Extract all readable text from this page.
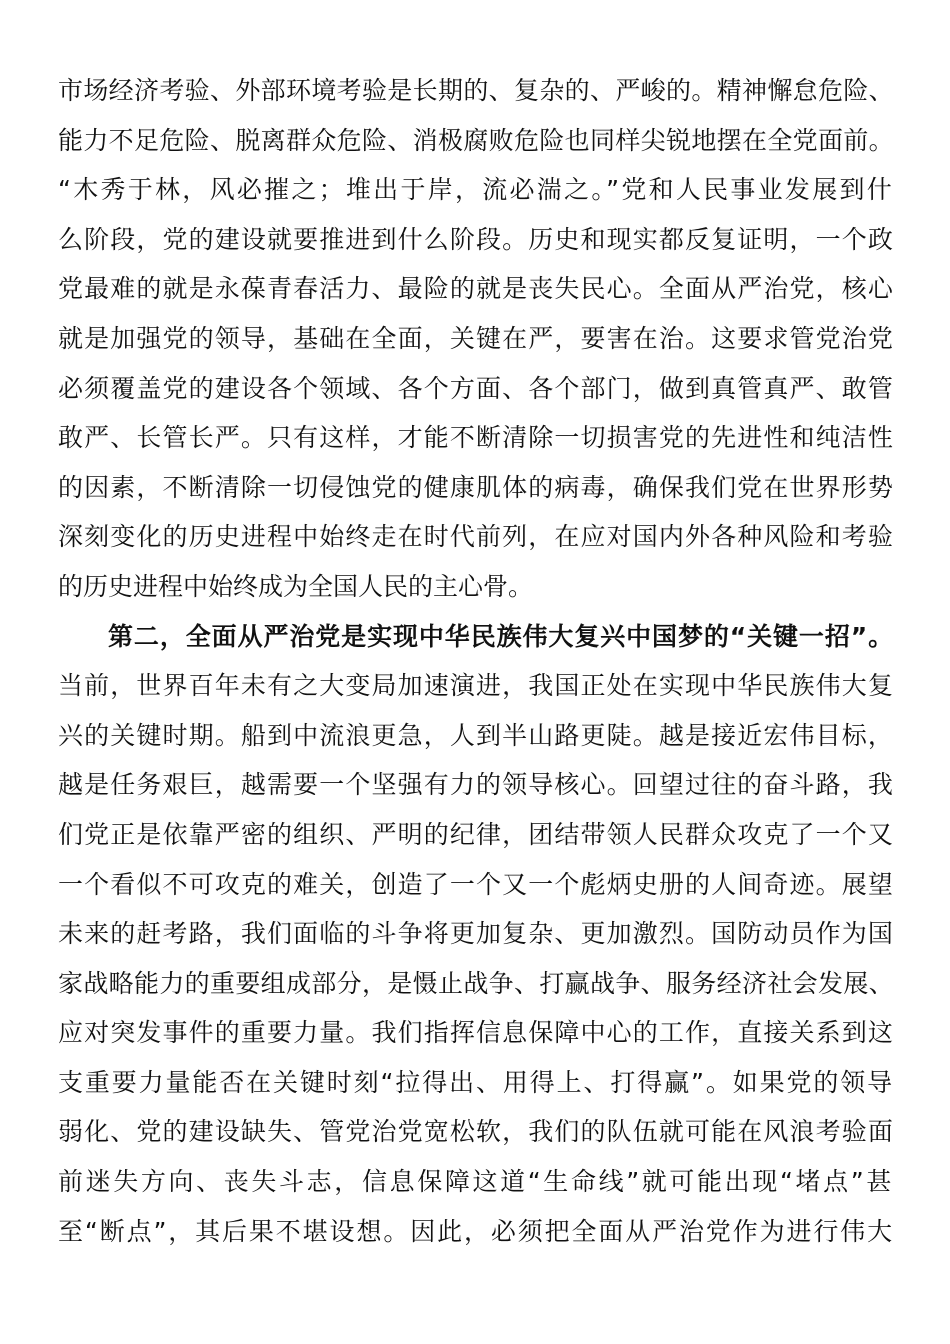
市场经济考验、外部环境考验是长期的、复杂的、严峻的。精神懈怠危险、
能力不足危险、脱离群众危险、消极腐败危险也同样尖锐地摆在全党面前。
“木秀于林，风必摧之；堆出于岸，流必湍之。”党和人民事业发展到什
么阶段，党的建设就要推进到什么阶段。历史和现实都反复证明，一个政
党最难的就是永葆青春活力、最险的就是丧失民心。全面从严治党，核心
就是加强党的领导，基础在全面，关键在严，要害在治。这要求管党治党
必须覆盖党的建设各个领域、各个方面、各个部门，做到真管真严、敢管
敢严、长管长严。只有这样，才能不断清除一切损害党的先进性和纯洁性
的因素，不断清除一切侵蚀党的健康肌体的病毒，确保我们党在世界形势
深刻变化的历史进程中始终走在时代前列，在应对国内外各种风险和考验
的历史进程中始终成为全国人民的主心骨。
第二，全面从严治党是实现中华民族伟大复兴中国梦的“关键一招”。
当前，世界百年未有之大变局加速演进，我国正处在实现中华民族伟大复
兴的关键时期。船到中流浪更急，人到半山路更陡。越是接近宏伟目标，
越是任务艰巨，越需要一个坚强有力的领导核心。回望过往的奋斗路，我
们党正是依靠严密的组织、严明的纪律，团结带领人民群众攻克了一个又
一个看似不可攻克的难关，创造了一个又一个彪炳史册的人间奇迹。展望
未来的赶考路，我们面临的斗争将更加复杂、更加激烈。国防动员作为国
家战略能力的重要组成部分，是慑止战争、打赢战争、服务经济社会发展、
应对突发事件的重要力量。我们指挥信息保障中心的工作，直接关系到这
支重要力量能否在关键时刻“拉得出、用得上、打得赢”。如果党的领导
弱化、党的建设缺失、管党治党宽松软，我们的队伍就可能在风浪考验面
前迷失方向、丧失斗志，信息保障这道“生命线”就可能出现“堵点”甚
至“断点”，其后果不堪设想。因此，必须把全面从严治党作为进行伟大
